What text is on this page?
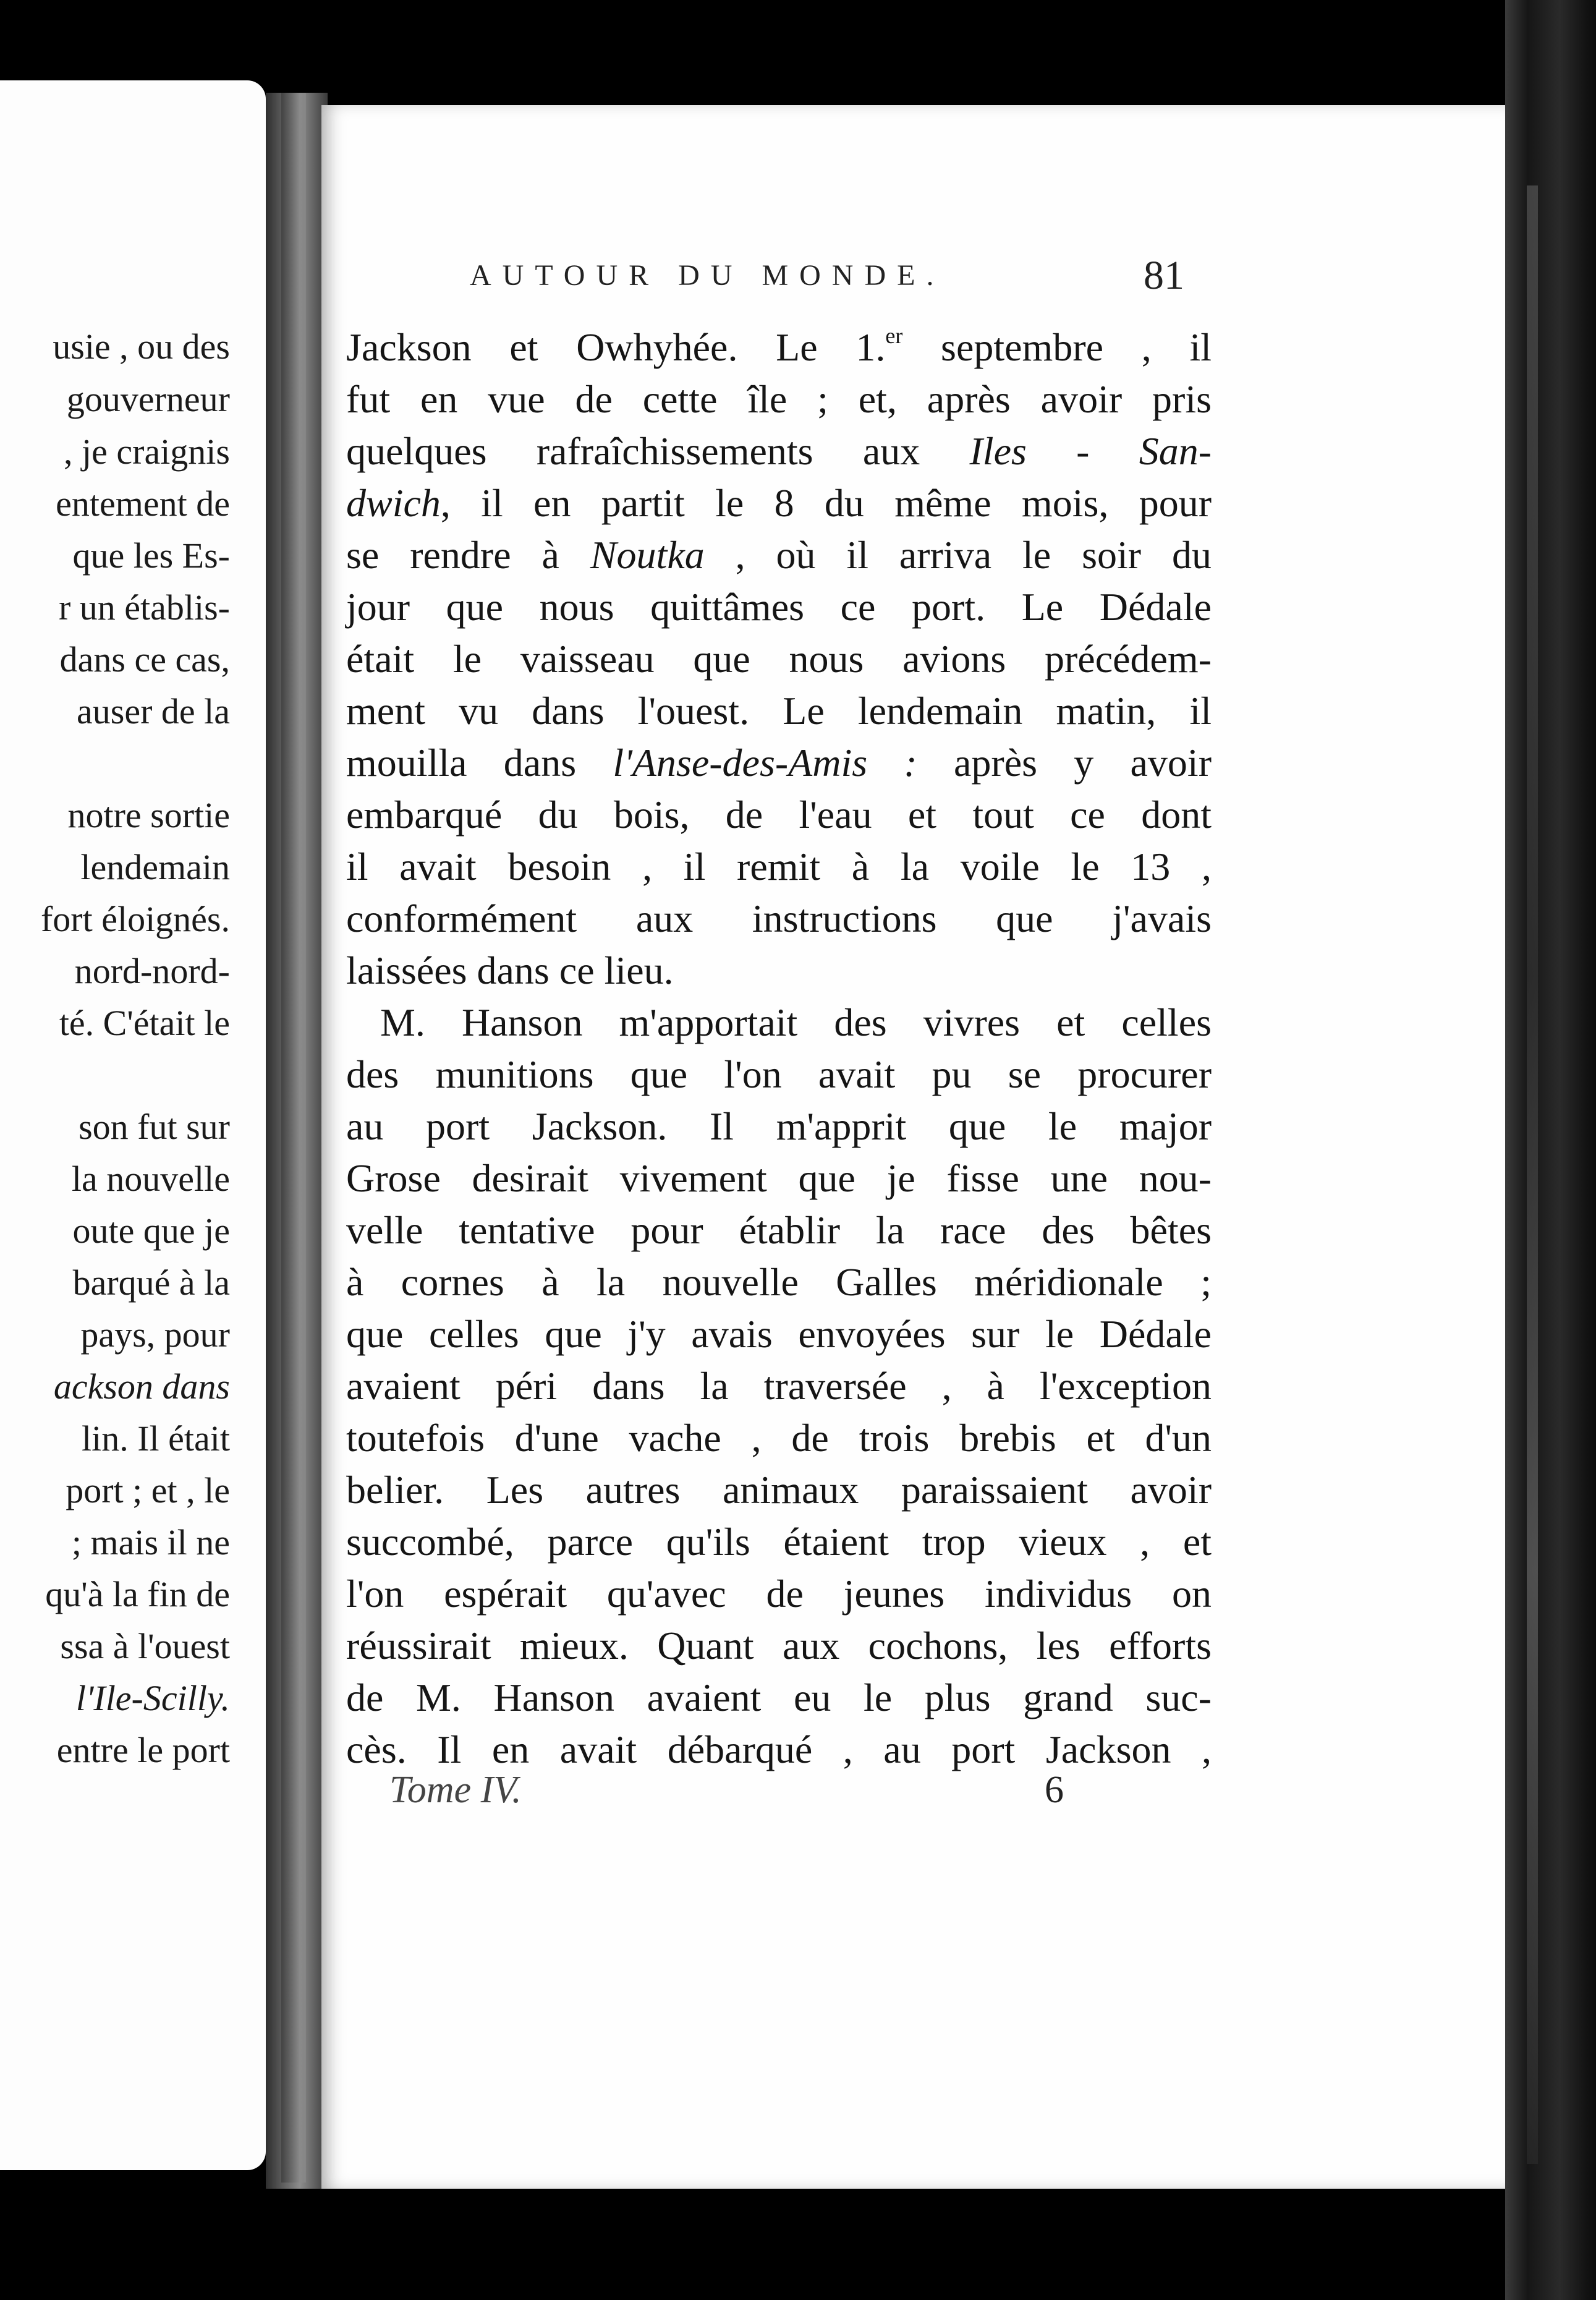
usie , ou des
gouverneur
, je craignis
entement de
que les Es-
r un établis-
dans ce cas,
auser de la
notre sortie
lendemain
fort éloignés.
nord-nord-
té. C'était le
son fut sur
la nouvelle
oute que je
barqué à la
pays, pour
ackson dans
lin. Il était
port ; et , le
; mais il ne
qu'à la fin de
ssa à l'ouest
l'Ile-Scilly.
entre le port
AUTOUR DU MONDE.	81
Jackson et Owhyhée. Le 1.$^{er}$ septembre , il
fut en vue de cette île ; et, après avoir pris
quelques rafraîchissements aux Iles - San-
dwich, il en partit le 8 du même mois, pour
se rendre à Noutka , où il arriva le soir du
jour que nous quittâmes ce port. Le Dédale
était le vaisseau que nous avions précédem-
ment vu dans l'ouest. Le lendemain matin, il
mouilla dans l'Anse-des-Amis : après y avoir
embarqué du bois, de l'eau et tout ce dont
il avait besoin , il remit à la voile le 13 ,
conformément aux instructions que j'avais
laissées dans ce lieu.
M. Hanson m'apportait des vivres et celles
des munitions que l'on avait pu se procurer
au port Jackson. Il m'apprit que le major
Grose desirait vivement que je fisse une nou-
velle tentative pour établir la race des bêtes
à cornes à la nouvelle Galles méridionale ;
que celles que j'y avais envoyées sur le Dédale
avaient péri dans la traversée , à l'exception
toutefois d'une vache , de trois brebis et d'un
belier. Les autres animaux paraissaient avoir
succombé, parce qu'ils étaient trop vieux , et
l'on espérait qu'avec de jeunes individus on
réussirait mieux. Quant aux cochons, les efforts
de M. Hanson avaient eu le plus grand suc-
cès. Il en avait débarqué , au port Jackson ,
Tome IV.	6
